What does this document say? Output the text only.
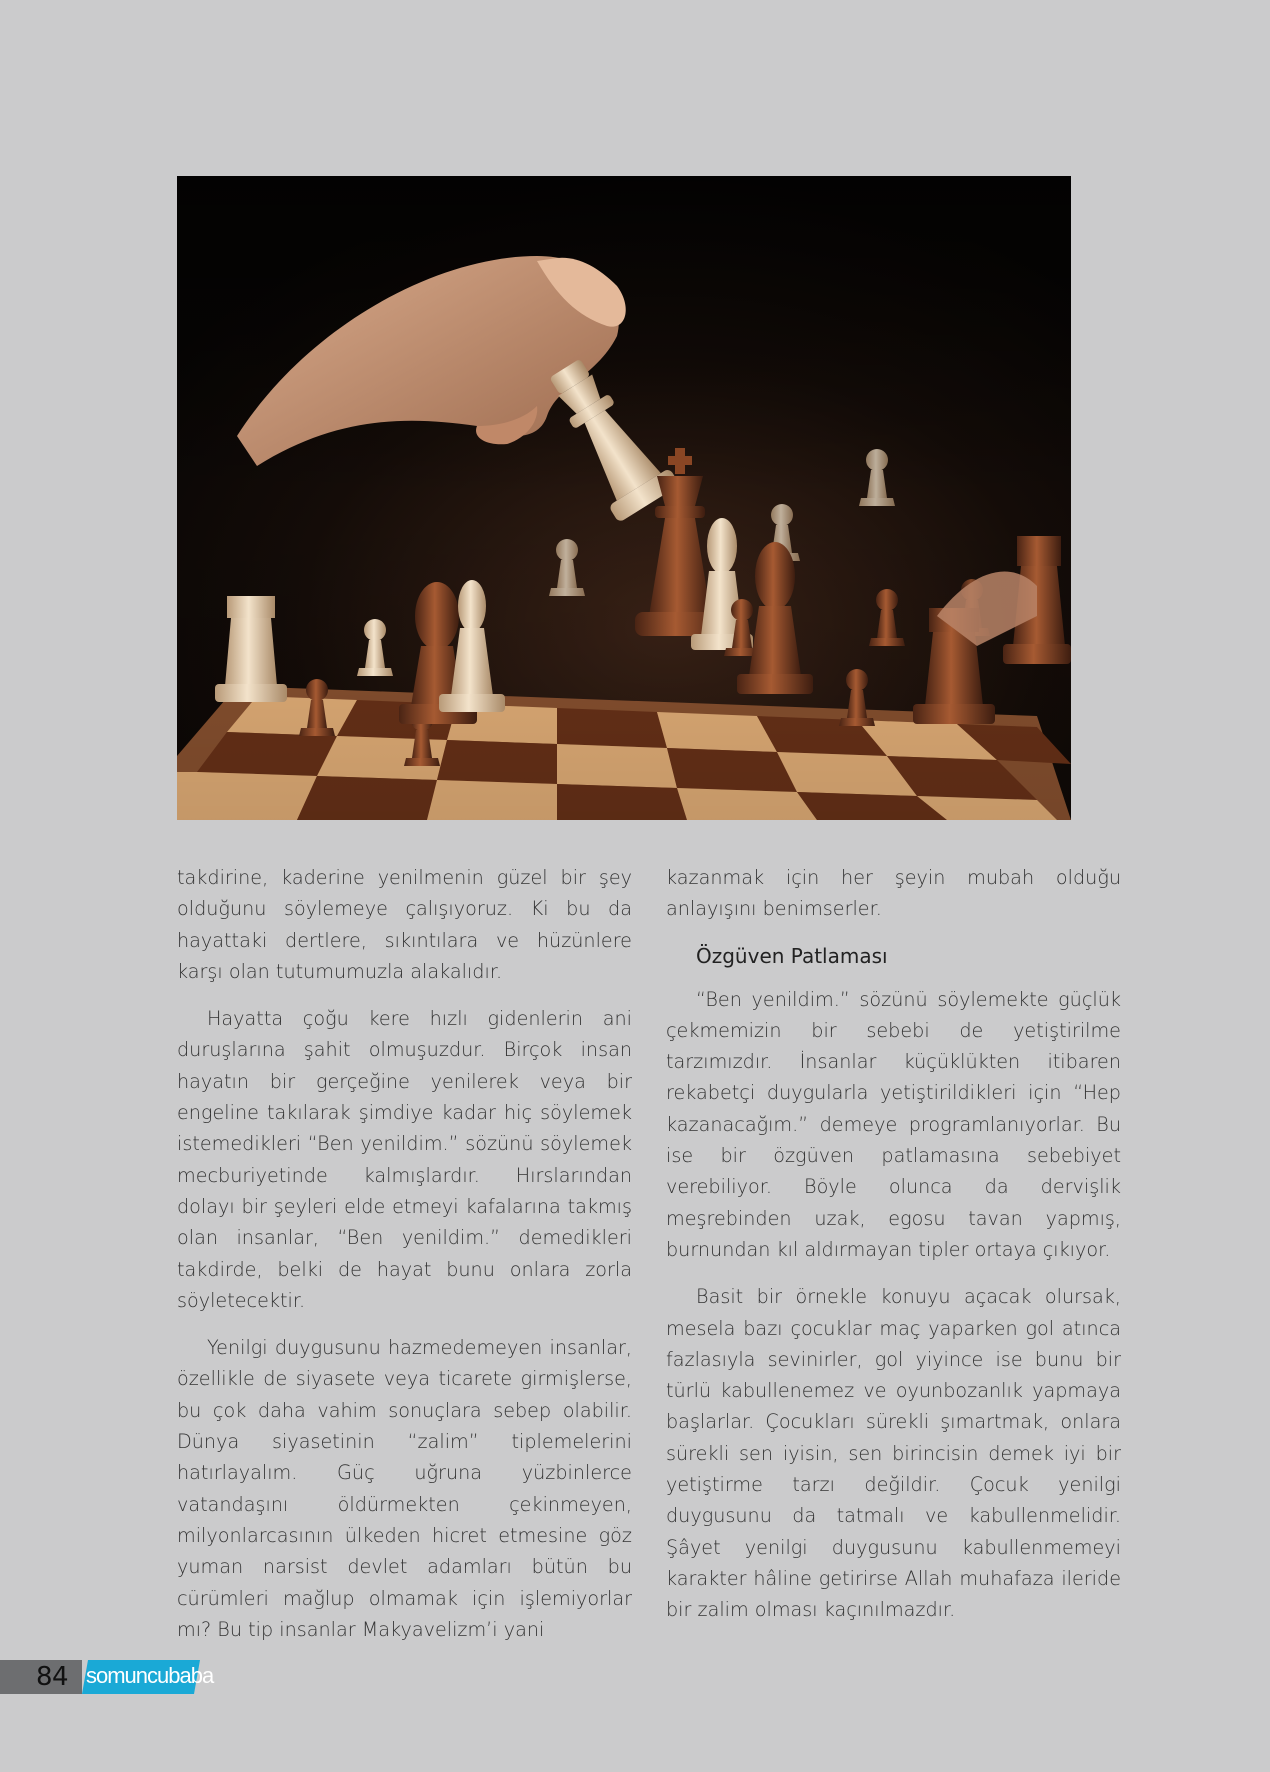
takdirine, kaderine yenilmenin güzel bir şey olduğunu söylemeye çalışıyoruz. Ki bu da hayattaki dertlere, sıkıntılara ve hüzünlere karşı olan tutumumuzla alakalıdır.

Hayatta çoğu kere hızlı gidenlerin ani duruşlarına şahit olmuşuzdur. Birçok insan hayatın bir gerçeğine yenilerek veya bir engeline takılarak şimdiye kadar hiç söylemek istemedikleri “Ben yenildim.” sözünü söylemek mecburiyetinde kalmışlardır. Hırslarından dolayı bir şeyleri elde etmeyi kafalarına takmış olan insanlar, “Ben yenildim.” demedikleri takdirde, belki de hayat bunu onlara zorla söyletecektir.

Yenilgi duygusunu hazmedemeyen insanlar, özellikle de siyasete veya ticarete girmişlerse, bu çok daha vahim sonuçlara sebep olabilir. Dünya siyasetinin “zalim” tiplemelerini hatırlayalım. Güç uğruna yüzbinlerce vatandaşını öldürmekten çekinmeyen, milyonlarcasının ülkeden hicret etmesine göz yuman narsist devlet adamları bütün bu cürümleri mağlup olmamak için işlemiyorlar mı? Bu tip insanlar Makyavelizm’i yani

kazanmak için her şeyin mubah olduğu anlayışını benimserler.

Özgüven Patlaması

“Ben yenildim.” sözünü söylemekte güçlük çekmemizin bir sebebi de yetiştirilme tarzımızdır. İnsanlar küçüklükten itibaren rekabetçi duygularla yetiştirildikleri için “Hep kazanacağım.” demeye programlanıyorlar. Bu ise bir özgüven patlamasına sebebiyet verebiliyor. Böyle olunca da dervişlik meşrebinden uzak, egosu tavan yapmış, burnundan kıl aldırmayan tipler ortaya çıkıyor.

Basit bir örnekle konuyu açacak olursak, mesela bazı çocuklar maç yaparken gol atınca fazlasıyla sevinirler, gol yiyince ise bunu bir türlü kabullenemez ve oyunbozanlık yapmaya başlarlar. Çocukları sürekli şımartmak, onlara sürekli sen iyisin, sen birincisin demek iyi bir yetiştirme tarzı değildir. Çocuk yenilgi duygusunu da tatmalı ve kabullenmelidir. Şâyet yenilgi duygusunu kabullenmemeyi karakter hâline getirirse Allah muhafaza ileride bir zalim olması kaçınılmazdır.

84 somuncubaba
